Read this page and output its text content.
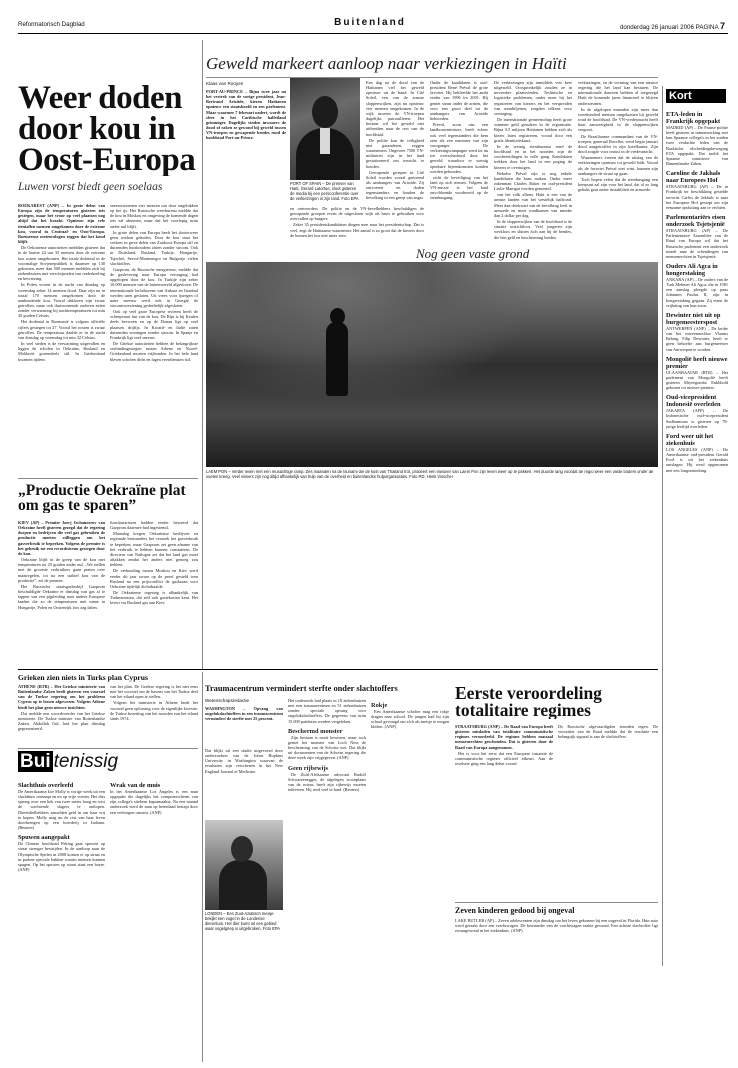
Reformatorisch Dagblad	Buitenland	donderdag 26 januari 2006 PAGINA 7
Weer doden door kou in Oost-Europa
Luwen vorst biedt geen soelaas

BOEKAREST (ANP) – In grote delen van Europa zijn de temperaturen gisteren iets gestegen, maar het vroor op veel plaatsen nog altijd dat het kraakt. Opnieuw zijn vele tientallen mensen omgekomen door de extreme kou, vooral in Centraal- en Oost-Europa. Roemeense meteorologen zeggen dat het koud blijft.

De Oekraïense autoriteiten meldden gisteren dat in de laatste 24 uur 35 mensen door de extreme kou waren omgekomen. Het totale dodental in de voormalige Sovjetrepubliek is daarmee op 130 gekomen, meer dan 500 mensen meldden zich bij ziekenhuizen met verschijnselen van onderkoeling en bevriezing.

In Polen vroren in de nacht van dinsdag op woensdag zeker 14 mensen dood. Daar zijn nu in totaal 170 mensen omgekomen door de aanhoudende kou. Vooral daklozen zijn zwaar getroffen, maar ook thuiswonende ouderen zitten zonder verwarming bij nachttemperaturen tot min 30 graden Celsius.

Het dodental in Roemenië is volgens officiële cijfers gestegen tot 27. Vooral het oosten is zwaar getroffen. De temperatuur daalde er in de nacht van dinsdag op woensdag tot min 32 Celsius.

In veel steden is de verwarming uitgevallen en liggen de scholen in Oekraïne, Rusland en Moldavië grotendeels stil. In Griekenland kwamen tijdens

sneeuwstormen vier mensen om door ongelukken op het ijs. Het Russische weerbureau meldde dat de kou in Moskou en omgeving de komende dagen iets zal afnemen, maar dat het voorlopig ruim onder nul blijft.

In grote delen van Europa heeft het dooierweer geen soelaas geboden. Door de kou staat het verkeer in grote delen van Zuidoost-Europa stil en duizenden huishoudens zitten zonder stroom. Ook in Duitsland, Rusland, Turkije, Hongarije, Tsjechië, Servië-Montenegro en Bulgarije vielen slachtoffers.

Gazprom, de Russische energiereus, meldde dat de gaslevering naar Europa vertraging had opgelopen door de kou. In Turkije zijn zeker 10.000 mensen van de buitenwereld afgesloten. De internationale luchthavens van Ankara en Istanbul werden uren gesloten. Uit vrees voor ijsregen of natte sneeuw werd ook in Georgië de stroomvoorziening gedeeltelijk afgesloten.

Ook op veel grote Europese rivieren heeft de scheepvaart last van de kou. De Rijn is bij Keulen deels bevroren en op de Donau ligt op veel plaatsen drijfijs. In Kroatië en Italië zaten duizenden woningen zonder stroom. In Spanje en Frankrijk ligt veel sneeuw.

De Griekse autoriteiten hebben de belangrijkste verbindingswegen tussen Athene en Noord-Griekenland moeten vrijhouden. In het hele land bleven scholen dicht en lagen veerdiensten stil.

Geweld markeert aanloop naar verkiezingen in Haïti
Klaas van Rooyen
PORT-AU-PRINCE – Bijna twee jaar na het vertrek van de vorige president, Jean-Bertrand Aristide, kiezen Haïtianen opnieuw een staatshoofd en een parlement. Maar waarmee 7 februari nadert, wordt de sfeer in het Caribische halfeiland grimmiger. Dagelijks vinden inwoners de dood of raken ze gewond bij geweld tussen VN-troepen en gewapende bendes rond de hoofdstad Port-au-Prince.
PORT OF SPAIN – De premier van Haïti, Gerard Latortue, sloot gisteren de media bij een persconferentie over de verkiezingen in zijn land. Foto EPA

Een dag na de dood van de Haïtianen viel het geweld opnieuw uit de hand. In Cité Soleil, een van de armste sloppenwijken, zijn nu opnieuw vier mensen omgekomen. In de wijk moeten de VN-troepen dagelijks patrouilleren. Het bestuur wil het geweld niet uitbreiden naar de rest van de hoofdstad.

De politie kan de veiligheid niet garanderen, zeggen waarnemers. Ongeveer 7500 VN-militairen zijn in het land gestationeerd om toezicht te houden.

Gewapende groepen in Cité Soleil worden vooral genoemd als aanhangers van Aristide. Zij ontvoeren en doden tegenstanders en houden de bevolking in een greep van angst.

en ontvoerders. De politie en de VN-bevelhebbers beschuldigen de gewapende groepen ervan de uitgesloten wijk als basis te gebruiken voor overvallen op burgers.

Zeker 35 presidentskandidaten dingen mee naar het presidentschap. Dat is veel, zegt de Haïtiaanse waarnemer. Het aantal is zo groot dat de kiezers door de bomen het bos niet meer zien.

Onder de kandidaten is oud-president René Préval de grote favoriet. Hij bekleedde het ambt eerder van 1996 tot 2001. Hij geniet steun onder de armen, die voor een groot deel tot de aanhangers van Aristide behoorden.

Préval, zoon van een landbouwminister, heeft echter ook veel tegenstanders die hem zien als een marionet van zijn voorganger. De verkiezingscampagne werd tot nu toe overschaduwd door het geweld, waardoor er weinig openbare bijeenkomsten konden worden gehouden.

zicht de beveiliging van het land op zich nemen. Volgens de VN-missie is het land onvoldoende voorbereid op de stembusgang.

De verkiezingen zijn inmiddels vier keer uitgesteld. Oorspronkelijk zouden ze in november plaatsvinden. Technische en logistieke problemen, onder meer bij het registreren van kiezers en het verspreiden van stembiljetten, zorgden telkens voor vertraging.

De internationale gemeenschap heeft grote sommen geld gestoken in de organisatie. Bijna 3,5 miljoen Haïtianen hebben zich als kiezer laten registreren, vooral door een gratis identiteitskaart.

In de weinig stembureaus rond de hoofdstad en in het noorden zijn de voorbereidingen in volle gang. Kandidaten trekken door het land in een poging de kiezers te overtuigen.

Behalve Préval zijn er nog enkele kandidaten die kans maken. Onder meer zakenman Charles Baker en oud-president Leslie Manigat worden genoemd.

van het volk alleen. Haïti is een van de armste landen van het westelijk halfrond. Meer dan driekwart van de bevolking leeft in armoede en moet rondkomen van minder dan 2 dollar per dag.

In de sloppenwijken van de hoofdstad is de situatie uitzichtloos. Veel jongeren zijn werkloos en sluiten zich aan bij de bendes, die hen geld en bescherming bieden.

verkiezingen, en de vorming van een nieuwe regering die het land kan besturen. De internationale donoren hebben al toegezegd Haïti de komende jaren financieel te blijven ondersteunen.

In de afgelopen maanden zijn meer dan tweehonderd mensen omgekomen bij geweld rond de hoofdstad. De VN-vredesmacht heeft haar aanwezigheid in de sloppenwijken vergroot.

De Braziliaanse commandant van de VN-troepen, generaal Bacellar, werd begin januari dood aangetroffen in zijn hotelkamer. Zijn dood zorgde voor onrust in de vredesmacht.

Waarnemers vrezen dat de uitslag van de verkiezingen opnieuw tot geweld leidt. Vooral als de favoriet Préval niet wint, kunnen zijn aanhangers de straat op gaan.

Toch hopen velen dat de stembusgang een keerpunt zal zijn voor het land, dat al zo lang gebukt gaat onder instabiliteit en armoede.

Nog geen vaste grond
LAEM PON – Verder leven met een reusachtige ramp. Zes maanden na de tsunami die de kust van Thailand trof, probeert een inwoner van Laem Pon zijn leven weer op te pakken. Het duurde lang voordat de regio weer een vaste bodem onder de voeten kreeg. Veel vissers zijn nog altijd afhankelijk van hulp van de overheid en buitenlandse hulporganisaties. Foto RD, Henk Visscher
Kort
ETA-leden in Frankrijk opgepakt
MADRID (AP) – De Franse politie heeft gisteren in samenwerking met hun Spaanse collega's in het zuiden twee verdachte leden van de Baskische afscheidingsbeweging ETA opgepakt. Dat meldt het Spaanse ministerie van Binnenlandse Zaken.
Caroline de Jakhals naar Europees Hof
STRAATSBURG (AP) – De in Frankrijk ter beschikking gestelde terrorist Carlos de Jakhals is naar het Europese Hof gestapt om zijn eenzame opsluiting aan te vechten.
Parlementariërs eisen onderzoek Tsjetsjenië
STRAATSBURG (AP) – De Parlementaire Assemblee van de Raad van Europa wil dat het Russische parlement een onderzoek instelt naar de schendingen van mensenrechten in Tsjetsjenië.
Ouders Ali Agca in hongerstaking
ANKARA (AP) – De ouders van de Turk Mehmet Ali Agca, die in 1981 een aanslag pleegde op paus Johannes Paulus II, zijn in hongerstaking gegaan. Zij eisen de vrijlating van hun zoon.
Dewinter niet uit op burgemeesterspost
ANTWERPEN (ANP) – De leider van het extreemrechtse Vlaams Belang, Filip Dewinter, heeft er geen behoefte aan burgemeester van Antwerpen te worden.
Mongolië heeft nieuwe premier
ULAANBAATAR (RTR) – Het parlement van Mongolië heeft gisteren Miyeegombo Enkhbold gekozen tot nieuwe premier.
Oud-vicepresident Indonesië overleden
JAKARTA (AFP) – De Indonesische oud-vicepresident Sudharmono is gisteren op 78-jarige leeftijd overleden.
Ford weer uit het ziekenhuis
LOS ANGELES (ANP) – De Amerikaanse oud-president Gerald Ford is uit het ziekenhuis ontslagen. Hij werd opgenomen met een longontsteking.
„Productie Oekraïne plat om gas te sparen”

KIEV (AP) – Premier Joerj Jechanoerov van Oekraïne heeft gisteren gezegd dat de regering dorpen en bedrijven die veel gas gebruiken de productie moeten stilleggen om het gasverbruik te beperken. Volgens de premier is het gebruik tot een recordniveau gestegen door de kou.

Oekraïne blijft in de greep van de kou met temperaturen tot 25 graden onder nul. „We stellen met de grootste verbruikers gaan praten over maatregelen, tot na een stabiel kou van de productie”, zei de premier.

Het Russische staatsgasbedrijf Gazprom beschuldigde Oekraïne er dinsdag van gas af te tappen van een pijpleiding naar andere Europese landen die zo de temperaturen met name in Hongarije, Polen en Oostenrijk fors zag dalen.

functionarissen hadden eerder beweerd dat Gazprom daarmee had ingestemd.

Maandag kregen Oekraïense bedrijven en regionale bestuurders het verzoek het gasverbruik te beperken, maar Gazprom zei geen afname van het verbruik te hebben kunnen constateren. De directeur van Naftogaz zei dat het land gas moet aftakken omdat het anders niet genoeg zou hebben.

De verhouding tussen Moskou en Kiev werd eerder dit jaar zwaar op de proef gesteld toen Rusland na een prijsconflict de gaskraan voor Oekraïne tijdelijk dichtdraaide.

De Oekraïense regering is afhankelijk van Turkmenistan, dat zelf ook gastekorten kent. Het levert via Rusland gas aan Kiev.

Grieken zien niets in Turks plan Cyprus

ATHENE (RTR) – Het Griekse ministerie van Buitenlandse Zaken heeft gisteren een voorstel van de Turkse regering om het probleem Cyprus op te lossen afgewezen. Volgens Athene biedt het plan geen nieuwe inzichten.

Dat meldde een woordvoerder van het Griekse ministerie. De Turkse minister van Buitenlandse Zaken, Abdullah Gül, had het plan dinsdag gepresenteerd.

van het plan. De Griekse regering is het niet eens met het voorstel om de havens van het Turkse deel van het eiland open te stellen.

Volgens het ministerie in Athene biedt het voorstel geen oplossing voor de eigenlijke kwestie, de Turkse bezetting van het noorden van het eiland sinds 1974.

Bui tenissig
Slachthuis overleefd
De Amerikaanse koe Molly is vorige week uit een slachthuis ontsnapt en nu op vrije voeten. Het dier sprong over een hek van twee meter hoog en wist de wachtende slagers te ontlopen. Dierenliefhebbers zamelden geld in om haar vrij te kopen. Molly mag nu de rest van haar leven doorbrengen op een boerderij in Indiana. (Reuters)
Spuwen aangepakt
De Chinese hoofdstad Peking gaat spuwen op straat strenger bestrijden. In de aanloop naar de Olympische Spelen in 2008 komen er op straat en in parken speciale bakken waarin mensen kunnen spugen. Op het spuwen op straat staat een boete. (ANP)
Wrak van de muis
In het Amerikaanse Los Angeles is een man opgepakt die dagelijks het computerscherm van zijn collega's stiekem kapotmaakte. Na een maand onderzoek werd de man op heterdaad betrapt door een verborgen camera. (ANP)
Traumacentrum vermindert sterfte onder slachtoffers
Wetenschapsredactie
WASHINGTON – Opvang van ongelukslachtoffers in een traumacentrum vermindert de sterfte met 25 procent.

Dat blijkt uit een studie uitgevoerd door onderzoekers van de Johns Hopkins University in Washington waarvan de resultaten zijn verschenen in het New England Journal of Medicine.

LONDEN – Een Zuid-Aziatisch meisje bekijkt een vogel in de Londense dierentuin. Het dier komt uit een gebied waar vogelgriep is uitgebroken. Foto EPA

Het onderzoek had plaats in 18 ziekenhuizen met een traumacentrum en 51 ziekenhuizen zonder speciale opvang voor ongelukslachtoffers. De gegevens van ruim 15.000 patiënten werden vergeleken.

Beschermd monster

Zijn bestaan is nooit bewezen, maar toch geniet het monster van Loch Ness de bescherming van de Schotse wet. Dat blijkt uit documenten van de Schotse regering die deze week zijn vrijgegeven. (ANP)

Geen rijbewijs

De Zuid-Afrikaanse advocaat Rudolf Schwarzenegger, de afgelegen woonplaats van de acteur, heeft zijn rijbewijs moeten inleveren. Hij reed veel te hard. (Reuters)

Rokje

Een Amerikaanse scholier mag een rokje dragen naar school. De jongen had bij zijn school gevraagd om zich als meisje te mogen kleden. (ANP)

Eerste veroordeling totalitaire regimes

STRAATSBURG (ANP) – De Raad van Europa heeft gisteren misdaden van totalitaire communistische regimes veroordeeld. De regimes hebben massaal mensenrechten geschonden. Dat is gisteren door de Raad van Europa aangenomen.

Het is voor het eerst dat een Europese instantie de communistische regimes officieel afkeurt. Aan de resolutie ging een lang debat vooraf.

De Russische afgevaardigden stemden tegen. De voorzitter van de Raad meldde dat de resolutie een belangrijk signaal is aan de slachtoffers.

Zeven kinderen gedood bij ongeval
LAKE BUTLER (AP) – Zeven adolescenten zijn dinsdag om het leven gekomen bij een ongeval in Florida. Hun auto werd geraakt door een vrachtwagen. De bestuurder van de vrachtwagen raakte gewond. Een achtste slachtoffer ligt zwaargewond in het ziekenhuis. (ANP)
